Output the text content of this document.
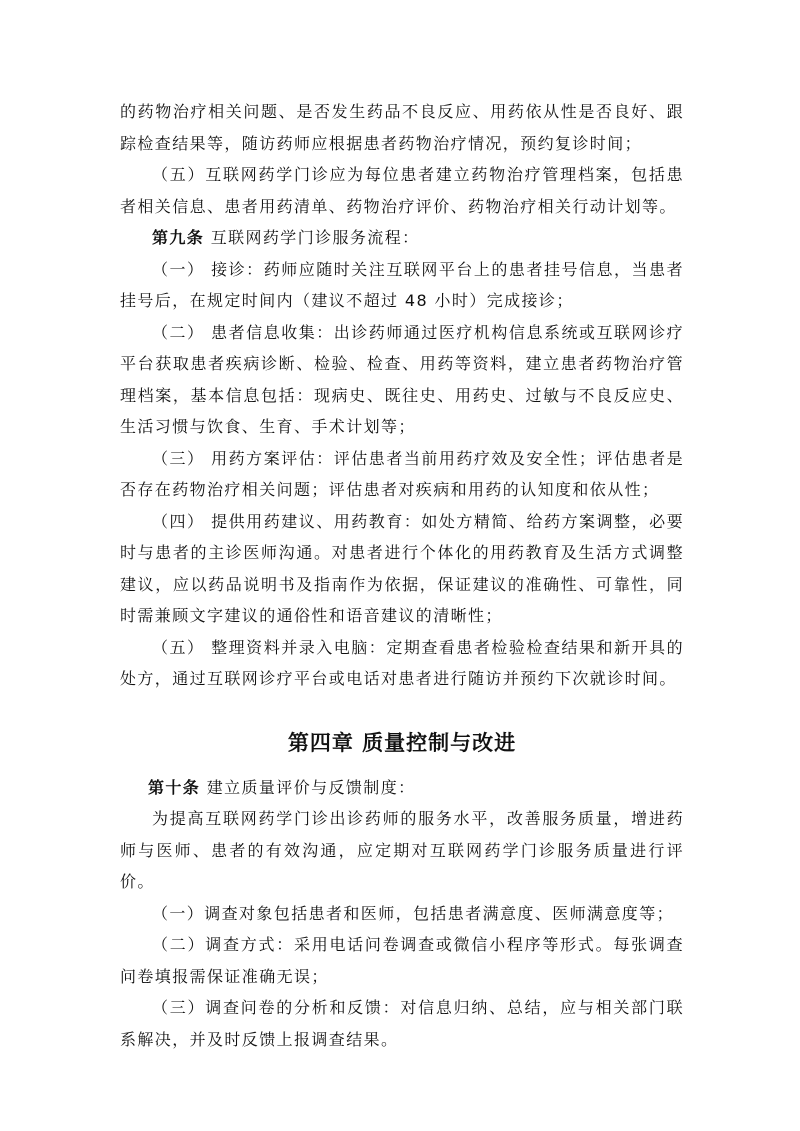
的药物治疗相关问题、是否发生药品不良反应、用药依从性是否良好、跟踪检查结果等，随访药师应根据患者药物治疗情况，预约复诊时间；

（五）互联网药学门诊应为每位患者建立药物治疗管理档案，包括患者相关信息、患者用药清单、药物治疗评价、药物治疗相关行动计划等。

第九条 互联网药学门诊服务流程：

（一） 接诊：药师应随时关注互联网平台上的患者挂号信息，当患者挂号后，在规定时间内（建议不超过 48 小时）完成接诊；

（二） 患者信息收集：出诊药师通过医疗机构信息系统或互联网诊疗平台获取患者疾病诊断、检验、检查、用药等资料，建立患者药物治疗管理档案，基本信息包括：现病史、既往史、用药史、过敏与不良反应史、生活习惯与饮食、生育、手术计划等；

（三） 用药方案评估：评估患者当前用药疗效及安全性；评估患者是否存在药物治疗相关问题；评估患者对疾病和用药的认知度和依从性；

（四） 提供用药建议、用药教育：如处方精简、给药方案调整，必要时与患者的主诊医师沟通。对患者进行个体化的用药教育及生活方式调整建议，应以药品说明书及指南作为依据，保证建议的准确性、可靠性，同时需兼顾文字建议的通俗性和语音建议的清晰性；

（五） 整理资料并录入电脑：定期查看患者检验检查结果和新开具的处方，通过互联网诊疗平台或电话对患者进行随访并预约下次就诊时间。

第四章 质量控制与改进

第十条 建立质量评价与反馈制度：

为提高互联网药学门诊出诊药师的服务水平，改善服务质量，增进药师与医师、患者的有效沟通，应定期对互联网药学门诊服务质量进行评价。

（一）调查对象包括患者和医师，包括患者满意度、医师满意度等；

（二）调查方式：采用电话问卷调查或微信小程序等形式。每张调查问卷填报需保证准确无误；

（三）调查问卷的分析和反馈：对信息归纳、总结，应与相关部门联系解决，并及时反馈上报调查结果。
